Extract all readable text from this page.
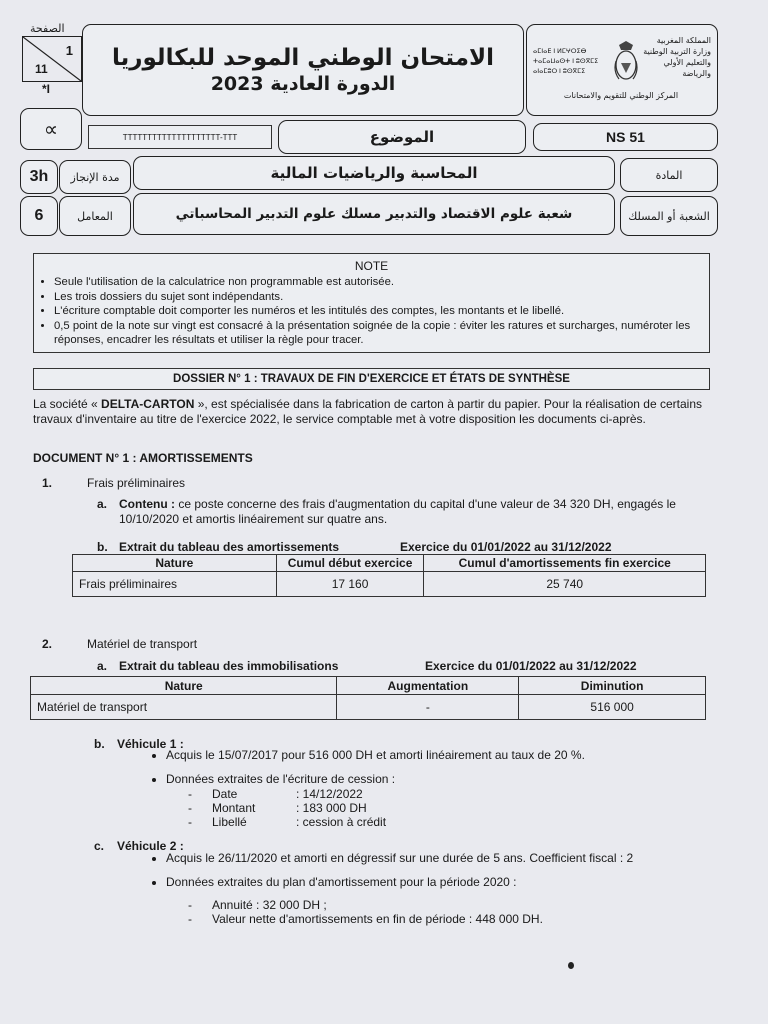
1
11
الصفحة
*I
الامتحان الوطني الموحد للبكالوريا
الدورة العادية 2023
ⴰⵎⵏⴰⴹ ⵏ ⵍⵎⵖⵔⵉⴱ
ⵜⴰⵎⴰⵡⴰⵙⵜ ⵏ ⵓⵙⴳⵎⵉ
ⴰⵏⴰⵎⵓⵔ ⵏ ⵓⵙⴳⵎⵉ
المملكة المغربية
وزارة التربية الوطنية
والتعليم الأولي والرياضة
المركز الوطني للتقويم والامتحانات
∝	TTTTTTTTTTTTTTTTTTTT-TTT	الموضوع	NS 51
3h مدة الإنجاز	المحاسبة والرياضيات المالية	المادة
6	المعامل	شعبة علوم الاقتصاد والتدبير مسلك علوم التدبير المحاسباتي	الشعبة أو المسلك
NOTE
• Seule l'utilisation de la calculatrice non programmable est autorisée.
• Les trois dossiers du sujet sont indépendants.
• L'écriture comptable doit comporter les numéros et les intitulés des comptes, les montants et le libellé.
• 0,5 point de la note sur vingt est consacré à la présentation soignée de la copie : éviter les ratures et surcharges, numéroter les réponses, encadrer les résultats et utiliser la règle pour tracer.
DOSSIER N° 1 : TRAVAUX DE FIN D'EXERCICE ET ÉTATS DE SYNTHÈSE
La société « DELTA-CARTON », est spécialisée dans la fabrication de carton à partir du papier. Pour la réalisation de certains travaux d'inventaire au titre de l'exercice 2022, le service comptable met à votre disposition les documents ci-après.
DOCUMENT N° 1 : AMORTISSEMENTS
1.	Frais préliminaires
a. Contenu : ce poste concerne des frais d'augmentation du capital d'une valeur de 34 320 DH, engagés le 10/10/2020 et amortis linéairement sur quatre ans.
b. Extrait du tableau des amortissements	Exercice du 01/01/2022 au 31/12/2022
Nature	Cumul début exercice	Cumul d'amortissements fin exercice
Frais préliminaires	17 160	25 740
2.	Matériel de transport
a. Extrait du tableau des immobilisations	Exercice du 01/01/2022 au 31/12/2022
Nature	Augmentation	Diminution
Matériel de transport	-	516 000
b. Véhicule 1 :
• Acquis le 15/07/2017 pour 516 000 DH et amorti linéairement au taux de 20 %.
• Données extraites de l'écriture de cession :
-	Date	: 14/12/2022
-	Montant	: 183 000 DH
-	Libellé	: cession à crédit
c. Véhicule 2 :
• Acquis le 26/11/2020 et amorti en dégressif sur une durée de 5 ans. Coefficient fiscal : 2
• Données extraites du plan d'amortissement pour la période 2020 :
-	Annuité : 32 000 DH ;
-	Valeur nette d'amortissements en fin de période : 448 000 DH.
